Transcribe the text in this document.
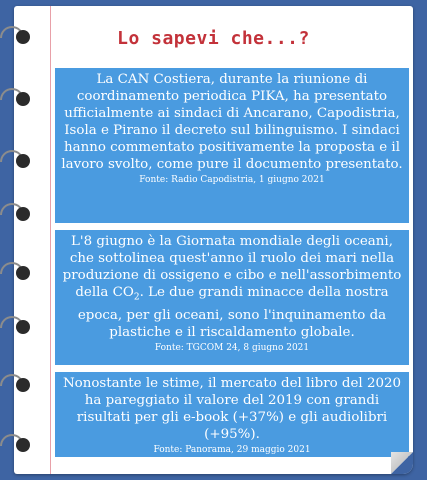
Lo sapevi che...?
La CAN Costiera, durante la riunione di coordinamento periodica PIKA, ha presentato ufficialmente ai sindaci di Ancarano, Capodistria, Isola e Pirano il decreto sul bilinguismo. I sindaci hanno commentato positivamente la proposta e il lavoro svolto, come pure il documento presentato.
Fonte: Radio Capodistria, 1 giugno 2021
L'8 giugno è la Giornata mondiale degli oceani, che sottolinea quest'anno il ruolo dei mari nella produzione di ossigeno e cibo e nell'assorbimento della $CO_2$. Le due grandi minacce della nostra epoca, per gli oceani, sono l'inquinamento da plastiche e il riscaldamento globale.
Fonte: TGCOM 24, 8 giugno 2021
Nonostante le stime, il mercato del libro del 2020 ha pareggiato il valore del 2019 con grandi risultati per gli e-book (+37%) e gli audiolibri (+95%).
Fonte: Panorama, 29 maggio 2021
